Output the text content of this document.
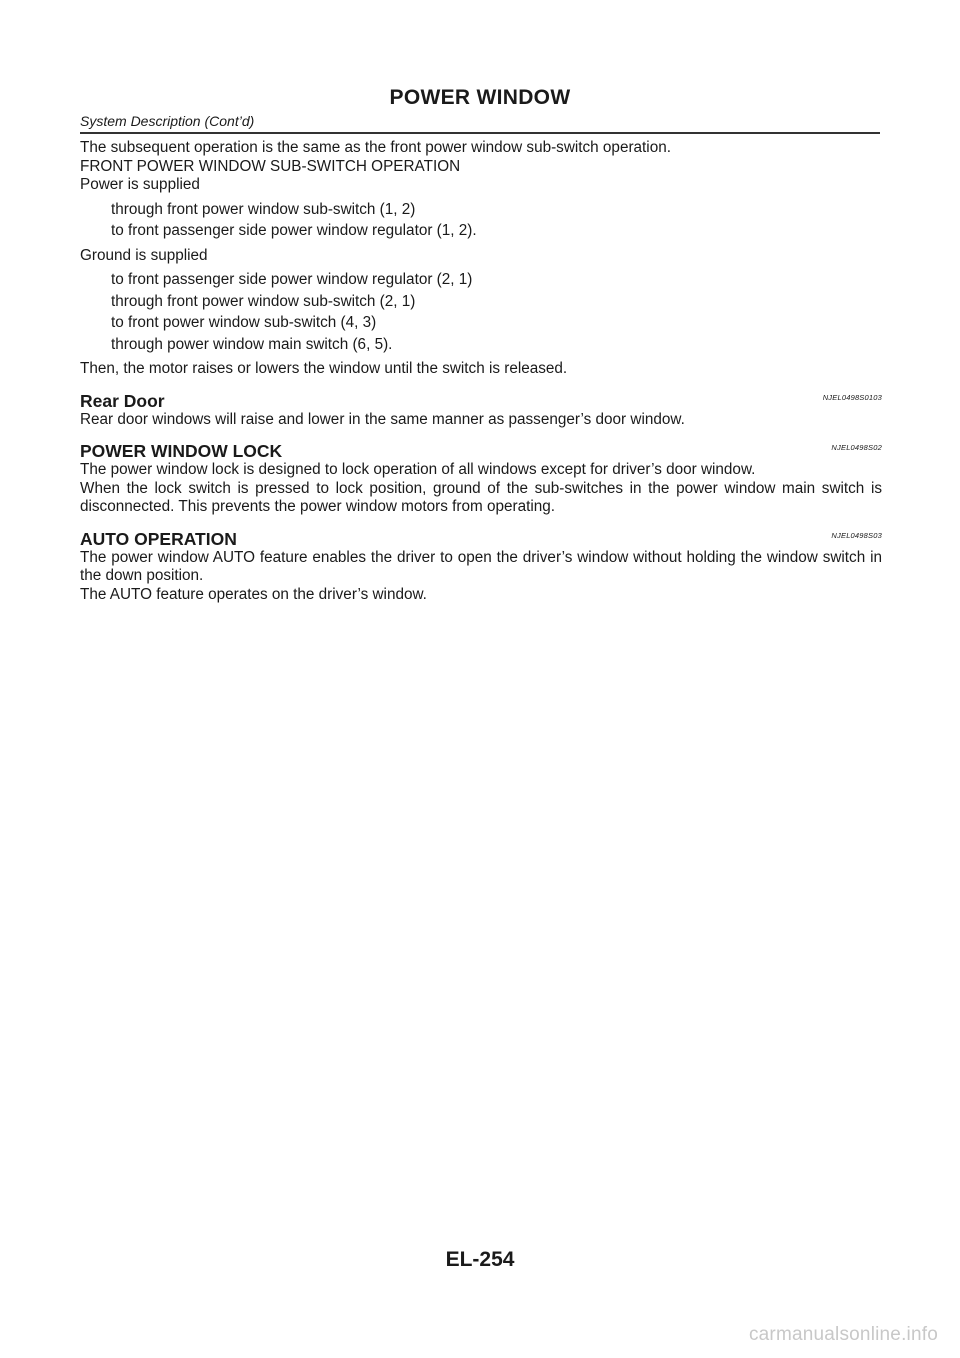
POWER WINDOW
System Description (Cont’d)

The subsequent operation is the same as the front power window sub-switch operation.

FRONT POWER WINDOW SUB-SWITCH OPERATION

Power is supplied

through front power window sub-switch (1, 2)

to front passenger side power window regulator (1, 2).

Ground is supplied

to front passenger side power window regulator (2, 1)

through front power window sub-switch (2, 1)

to front power window sub-switch (4, 3)

through power window main switch (6, 5).

Then, the motor raises or lowers the window until the switch is released.

Rear Door	NJEL0498S0103

Rear door windows will raise and lower in the same manner as passenger’s door window.

POWER WINDOW LOCK	NJEL0498S02

The power window lock is designed to lock operation of all windows except for driver’s door window.

When the lock switch is pressed to lock position, ground of the sub-switches in the power window main switch is disconnected. This prevents the power window motors from operating.

AUTO OPERATION	NJEL0498S03

The power window AUTO feature enables the driver to open the driver’s window without holding the window switch in the down position.

The AUTO feature operates on the driver’s window.

EL-254
carmanualsonline.info
